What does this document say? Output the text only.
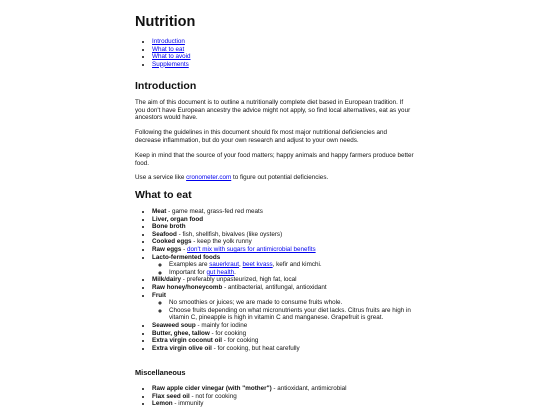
Nutrition
• Introduction
• What to eat
• What to avoid
• Supplements
Introduction

The aim of this document is to outline a nutritionally complete diet based in European tradition. If you don't have European ancestry the advice might not apply, so find local alternatives, eat as your ancestors would have.

Following the guidelines in this document should fix most major nutritional deficiencies and decrease inflammation, but do your own research and adjust to your own needs.

Keep in mind that the source of your food matters; happy animals and happy farmers produce better food.

Use a service like cronometer.com to figure out potential deficiencies.

What to eat
• Meat - game meat, grass-fed red meats
• Liver, organ food
• Bone broth
• Seafood - fish, shellfish, bivalves (like oysters)
• Cooked eggs - keep the yolk runny
• Raw eggs - don't mix with sugars for antimicrobial benefits
• Lacto-fermented foods
◦ Examples are sauerkraut, beet kvass, kefir and kimchi.
◦ Important for gut health.
• Milk/dairy - preferably unpasteurized, high fat, local
• Raw honey/honeycomb - antibacterial, antifungal, antioxidant
• Fruit
◦ No smoothies or juices; we are made to consume fruits whole.
◦ Choose fruits depending on what micronutrients your diet lacks. Citrus fruits are high in vitamin C, pineapple is high in vitamin C and manganese. Grapefruit is great.
• Seaweed soup - mainly for iodine
• Butter, ghee, tallow - for cooking
• Extra virgin coconut oil - for cooking
• Extra virgin olive oil - for cooking, but heat carefully
Miscellaneous
• Raw apple cider vinegar (with "mother") - antioxidant, antimicrobial
• Flax seed oil - not for cooking
• Lemon - immunity
